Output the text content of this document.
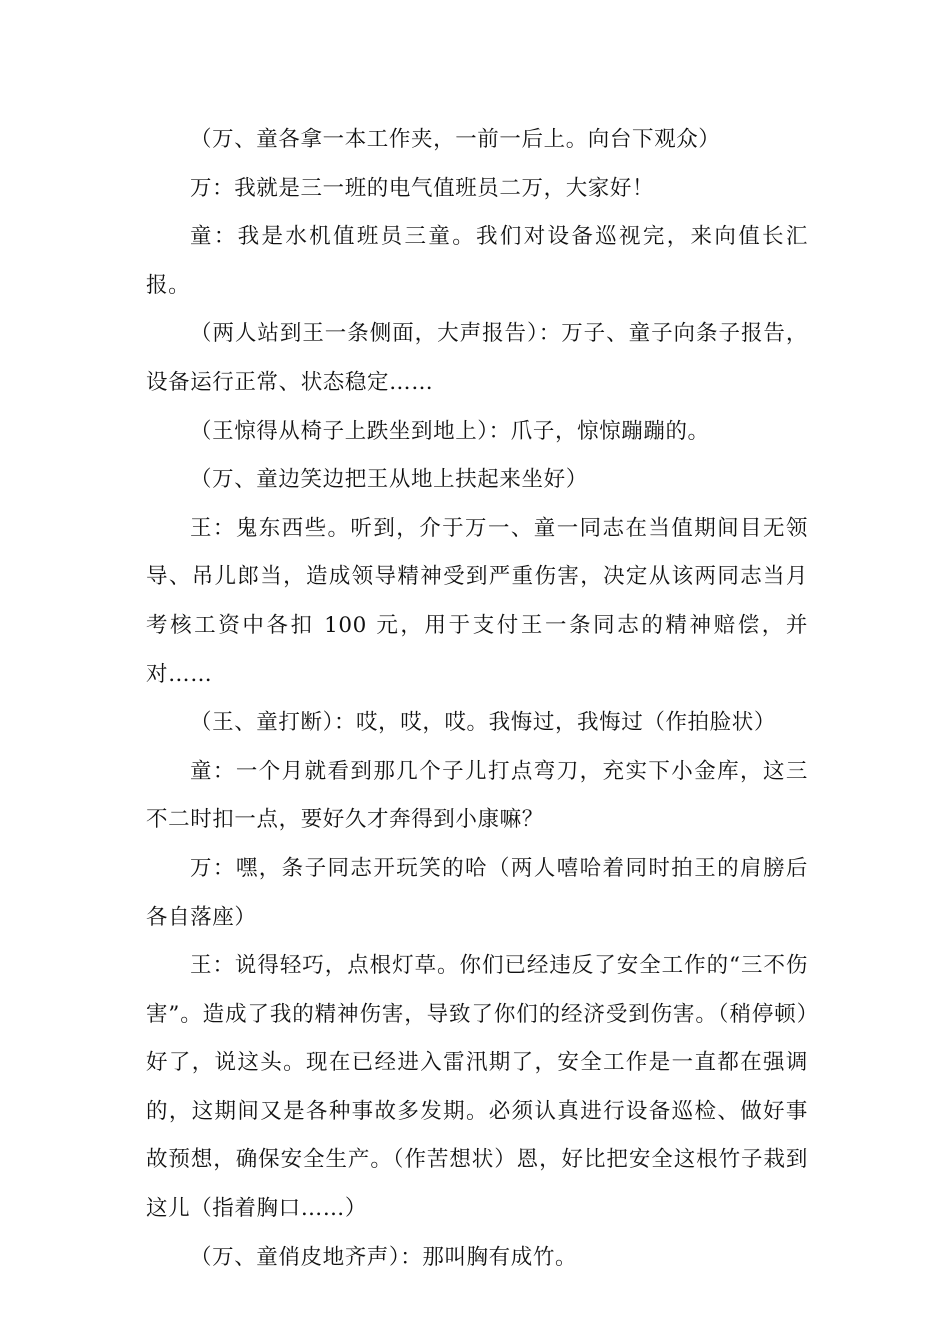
（万、童各拿一本工作夹，一前一后上。向台下观众）

万：我就是三一班的电气值班员二万，大家好！

童：我是水机值班员三童。我们对设备巡视完，来向值长汇报。

（两人站到王一条侧面，大声报告）：万子、童子向条子报告，设备运行正常、状态稳定……

（王惊得从椅子上跌坐到地上）：爪子，惊惊蹦蹦的。

（万、童边笑边把王从地上扶起来坐好）

王：鬼东西些。听到，介于万一、童一同志在当值期间目无领导、吊儿郎当，造成领导精神受到严重伤害，决定从该两同志当月考核工资中各扣 100 元，用于支付王一条同志的精神赔偿，并对……

（王、童打断）：哎，哎，哎。我悔过，我悔过（作拍脸状）

童：一个月就看到那几个子儿打点弯刀，充实下小金库，这三不二时扣一点，要好久才奔得到小康嘛？

万：嘿，条子同志开玩笑的哈（两人嘻哈着同时拍王的肩膀后各自落座）

王：说得轻巧，点根灯草。你们已经违反了安全工作的“三不伤害”。造成了我的精神伤害，导致了你们的经济受到伤害。（稍停顿）好了，说这头。现在已经进入雷汛期了，安全工作是一直都在强调的，这期间又是各种事故多发期。必须认真进行设备巡检、做好事故预想，确保安全生产。（作苦想状）恩，好比把安全这根竹子栽到这儿（指着胸口……）

（万、童俏皮地齐声）：那叫胸有成竹。
